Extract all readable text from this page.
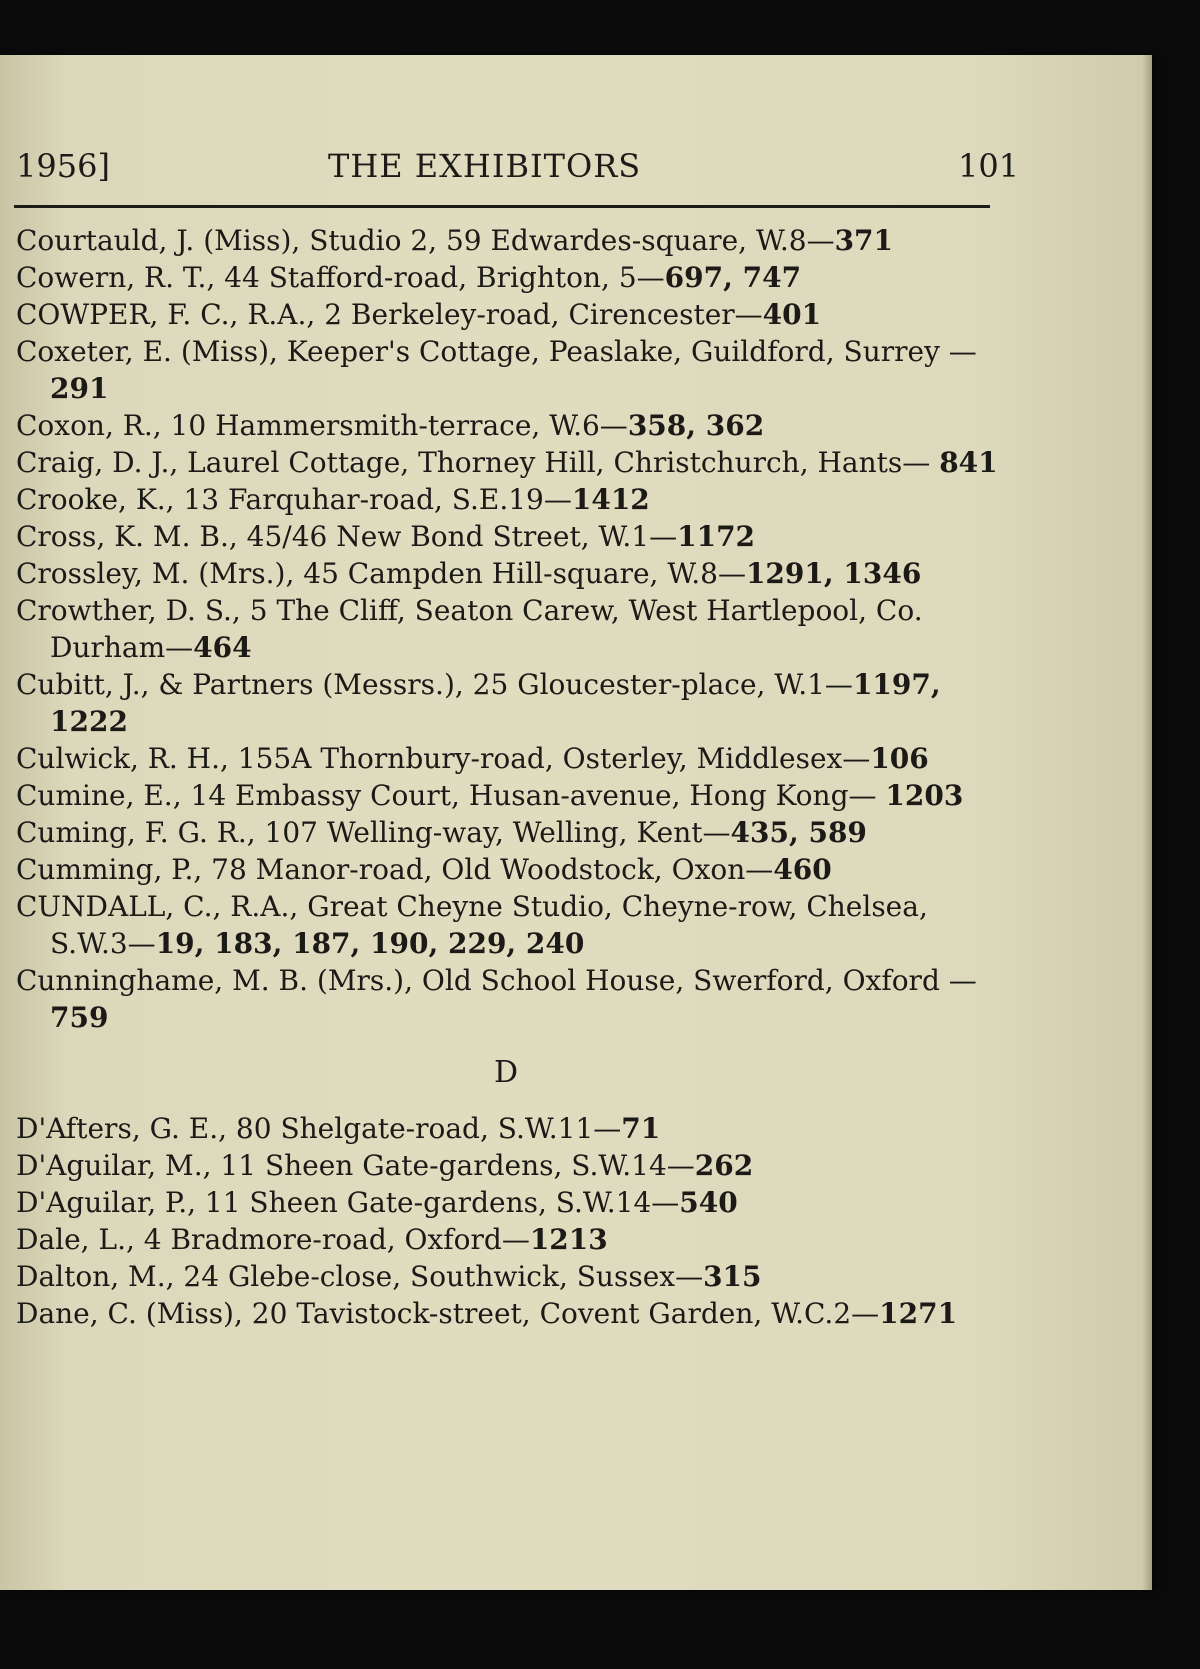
1956]	THE EXHIBITORS	101

Courtauld, J. (Miss), Studio 2, 59 Edwardes-square, W.8—371

Cowern, R. T., 44 Stafford-road, Brighton, 5—697, 747

COWPER, F. C., R.A., 2 Berkeley-road, Cirencester—401

Coxeter, E. (Miss), Keeper's Cottage, Peaslake, Guildford, Surrey —291

Coxon, R., 10 Hammersmith-terrace, W.6—358, 362

Craig, D. J., Laurel Cottage, Thorney Hill, Christchurch, Hants— 841

Crooke, K., 13 Farquhar-road, S.E.19—1412

Cross, K. M. B., 45/46 New Bond Street, W.1—1172

Crossley, M. (Mrs.), 45 Campden Hill-square, W.8—1291, 1346

Crowther, D. S., 5 The Cliff, Seaton Carew, West Hartlepool, Co. Durham—464

Cubitt, J., & Partners (Messrs.), 25 Gloucester-place, W.1—1197, 1222

Culwick, R. H., 155A Thornbury-road, Osterley, Middlesex—106

Cumine, E., 14 Embassy Court, Husan-avenue, Hong Kong— 1203

Cuming, F. G. R., 107 Welling-way, Welling, Kent—435, 589

Cumming, P., 78 Manor-road, Old Woodstock, Oxon—460

CUNDALL, C., R.A., Great Cheyne Studio, Cheyne-row, Chelsea, S.W.3—19, 183, 187, 190, 229, 240

Cunninghame, M. B. (Mrs.), Old School House, Swerford, Oxford —759

D

D'Afters, G. E., 80 Shelgate-road, S.W.11—71

D'Aguilar, M., 11 Sheen Gate-gardens, S.W.14—262

D'Aguilar, P., 11 Sheen Gate-gardens, S.W.14—540

Dale, L., 4 Bradmore-road, Oxford—1213

Dalton, M., 24 Glebe-close, Southwick, Sussex—315

Dane, C. (Miss), 20 Tavistock-street, Covent Garden, W.C.2—1271
